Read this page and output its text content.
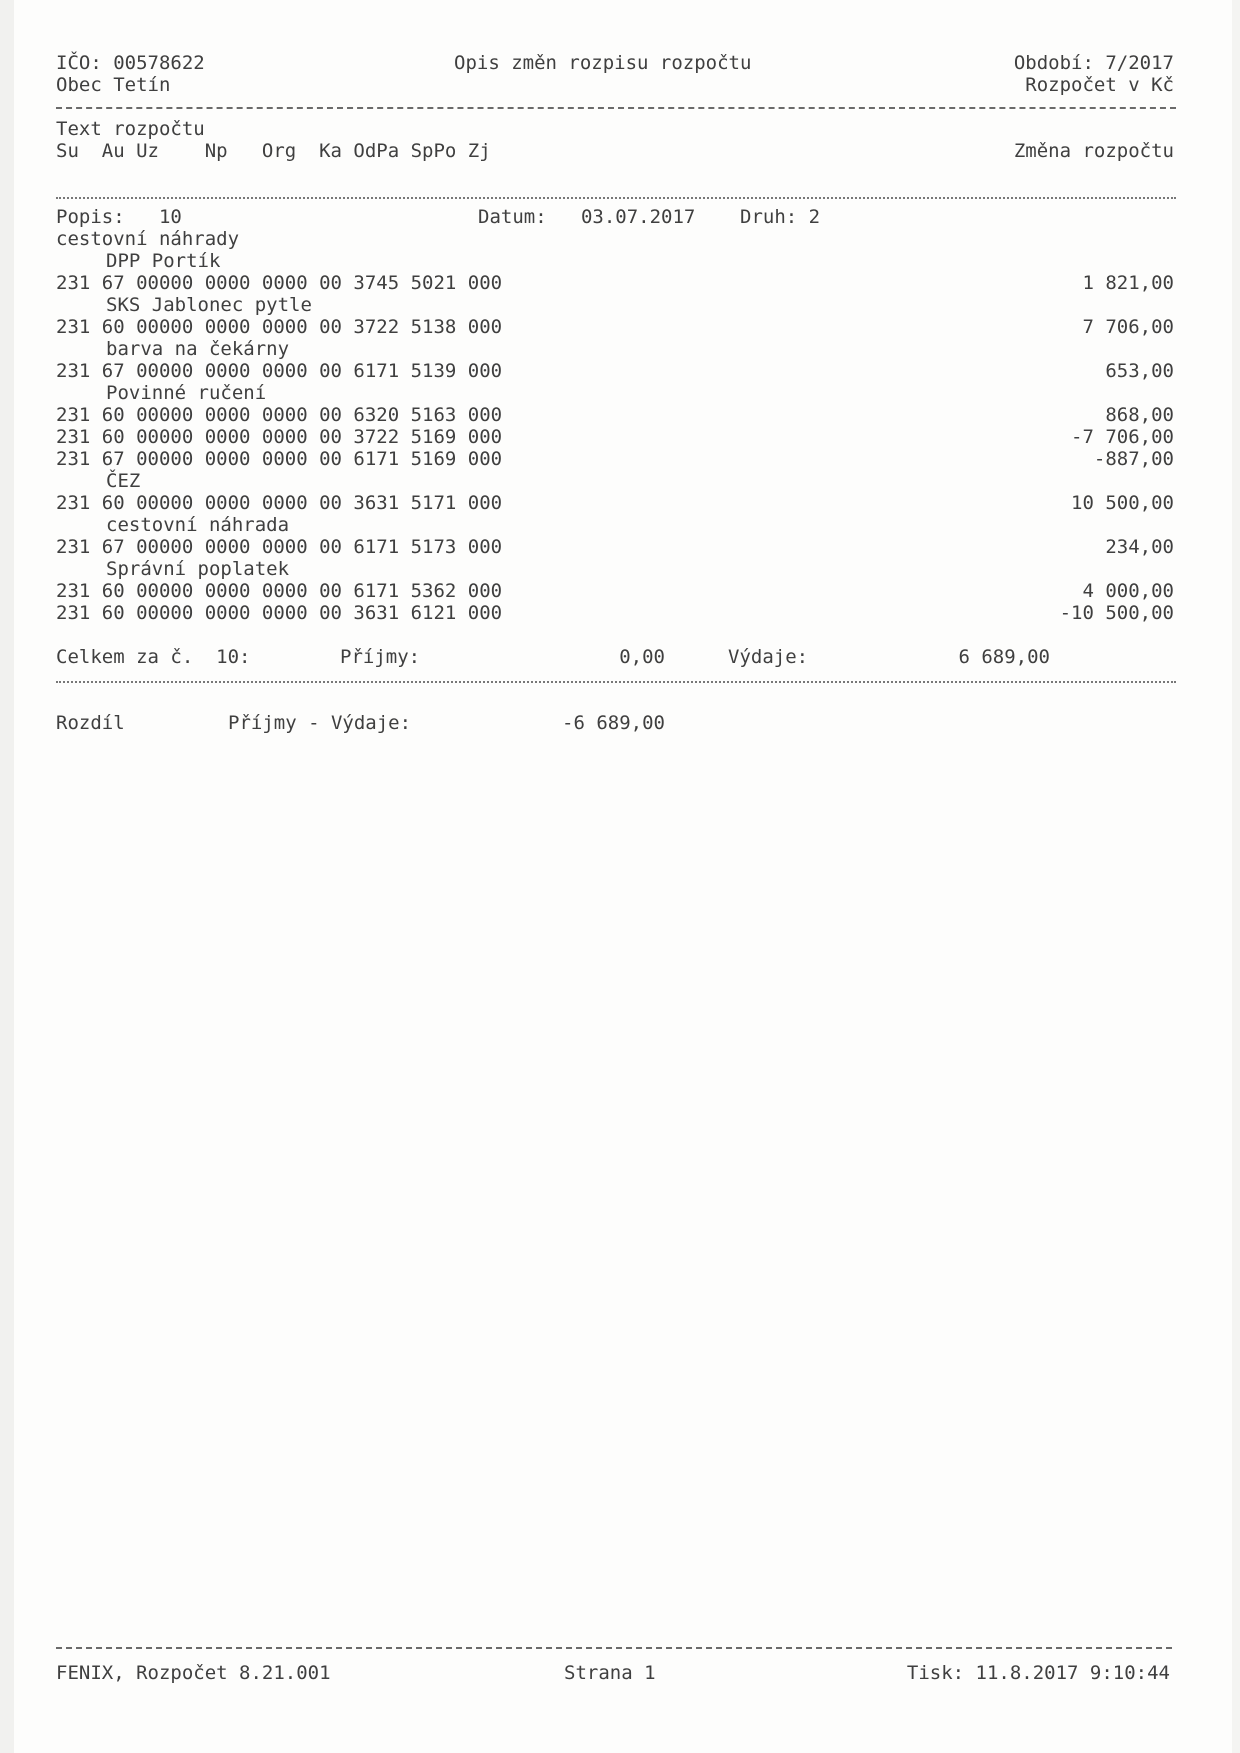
IČO: 00578622	Opis změn rozpisu rozpočtu	Období: 7/2017
Obec Tetín	Rozpočet v Kč
Text rozpočtu
Su  Au Uz    Np   Org  Ka OdPa SpPo Zj	Změna rozpočtu
Popis:   10	Datum:   03.07.2017 Druh: 2
cestovní náhrady
DPP Portík
231 67 00000 0000 0000 00 3745 5021 000	1 821,00
SKS Jablonec pytle
231 60 00000 0000 0000 00 3722 5138 000	7 706,00
barva na čekárny
231 67 00000 0000 0000 00 6171 5139 000	653,00
Povinné ručení
231 60 00000 0000 0000 00 6320 5163 000	868,00
231 60 00000 0000 0000 00 3722 5169 000	-7 706,00
231 67 00000 0000 0000 00 6171 5169 000	-887,00
ČEZ
231 60 00000 0000 0000 00 3631 5171 000	10 500,00
cestovní náhrada
231 67 00000 0000 0000 00 6171 5173 000	234,00
Správní poplatek
231 60 00000 0000 0000 00 6171 5362 000	4 000,00
231 60 00000 0000 0000 00 3631 6121 000	-10 500,00
Celkem za č.  10:	Příjmy:	0,00	Výdaje:	6 689,00
Rozdíl	Příjmy - Výdaje:	-6 689,00
FENIX, Rozpočet 8.21.001	Strana 1	Tisk: 11.8.2017 9:10:44
